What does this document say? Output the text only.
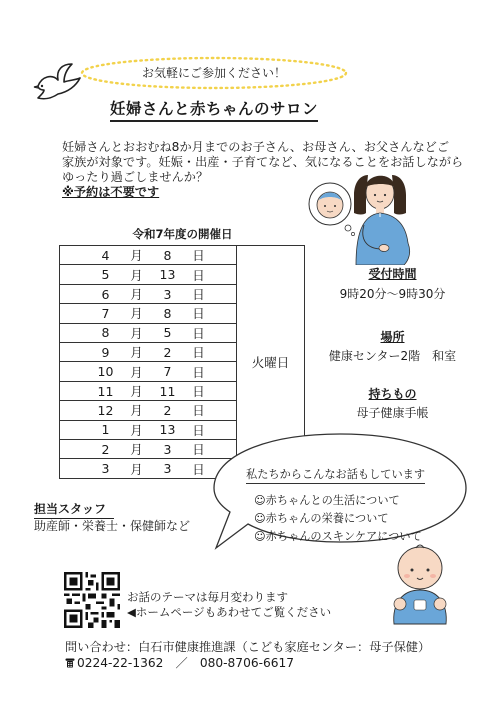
お気軽にご参加ください！
妊婦さんと赤ちゃんのサロン
妊婦さんとおおむね8か月までのお子さん、お母さん、お父さんなどご
家族が対象です。妊娠・出産・子育てなど、気になることをお話しながら
ゆったり過ごしませんか？
※予約は不要です
令和7年度の開催日
4	月	8	日
	火曜日

5	月	13	日

6	月	3	日

7	月	8	日

8	月	5	日

9	月	2	日

10	月	7	日

11	月	11	日

12	月	2	日

1	月	13	日

2	月	3	日

3	月	3	日
受付時間
9時20分～9時30分
場所
健康センター2階　和室
持ちもの
母子健康手帳
私たちからこんなお話もしています
☺赤ちゃんとの生活について
☺赤ちゃんの栄養について
☺赤ちゃんのスキンケアについて
担当スタッフ
助産師・栄養士・保健師など
お話のテーマは毎月変わります
◀ホームページもあわせてご覧ください
問い合わせ：白石市健康推進課（こども家庭センター：母子保健）
0224-22-1362　／　080-8706-6617
